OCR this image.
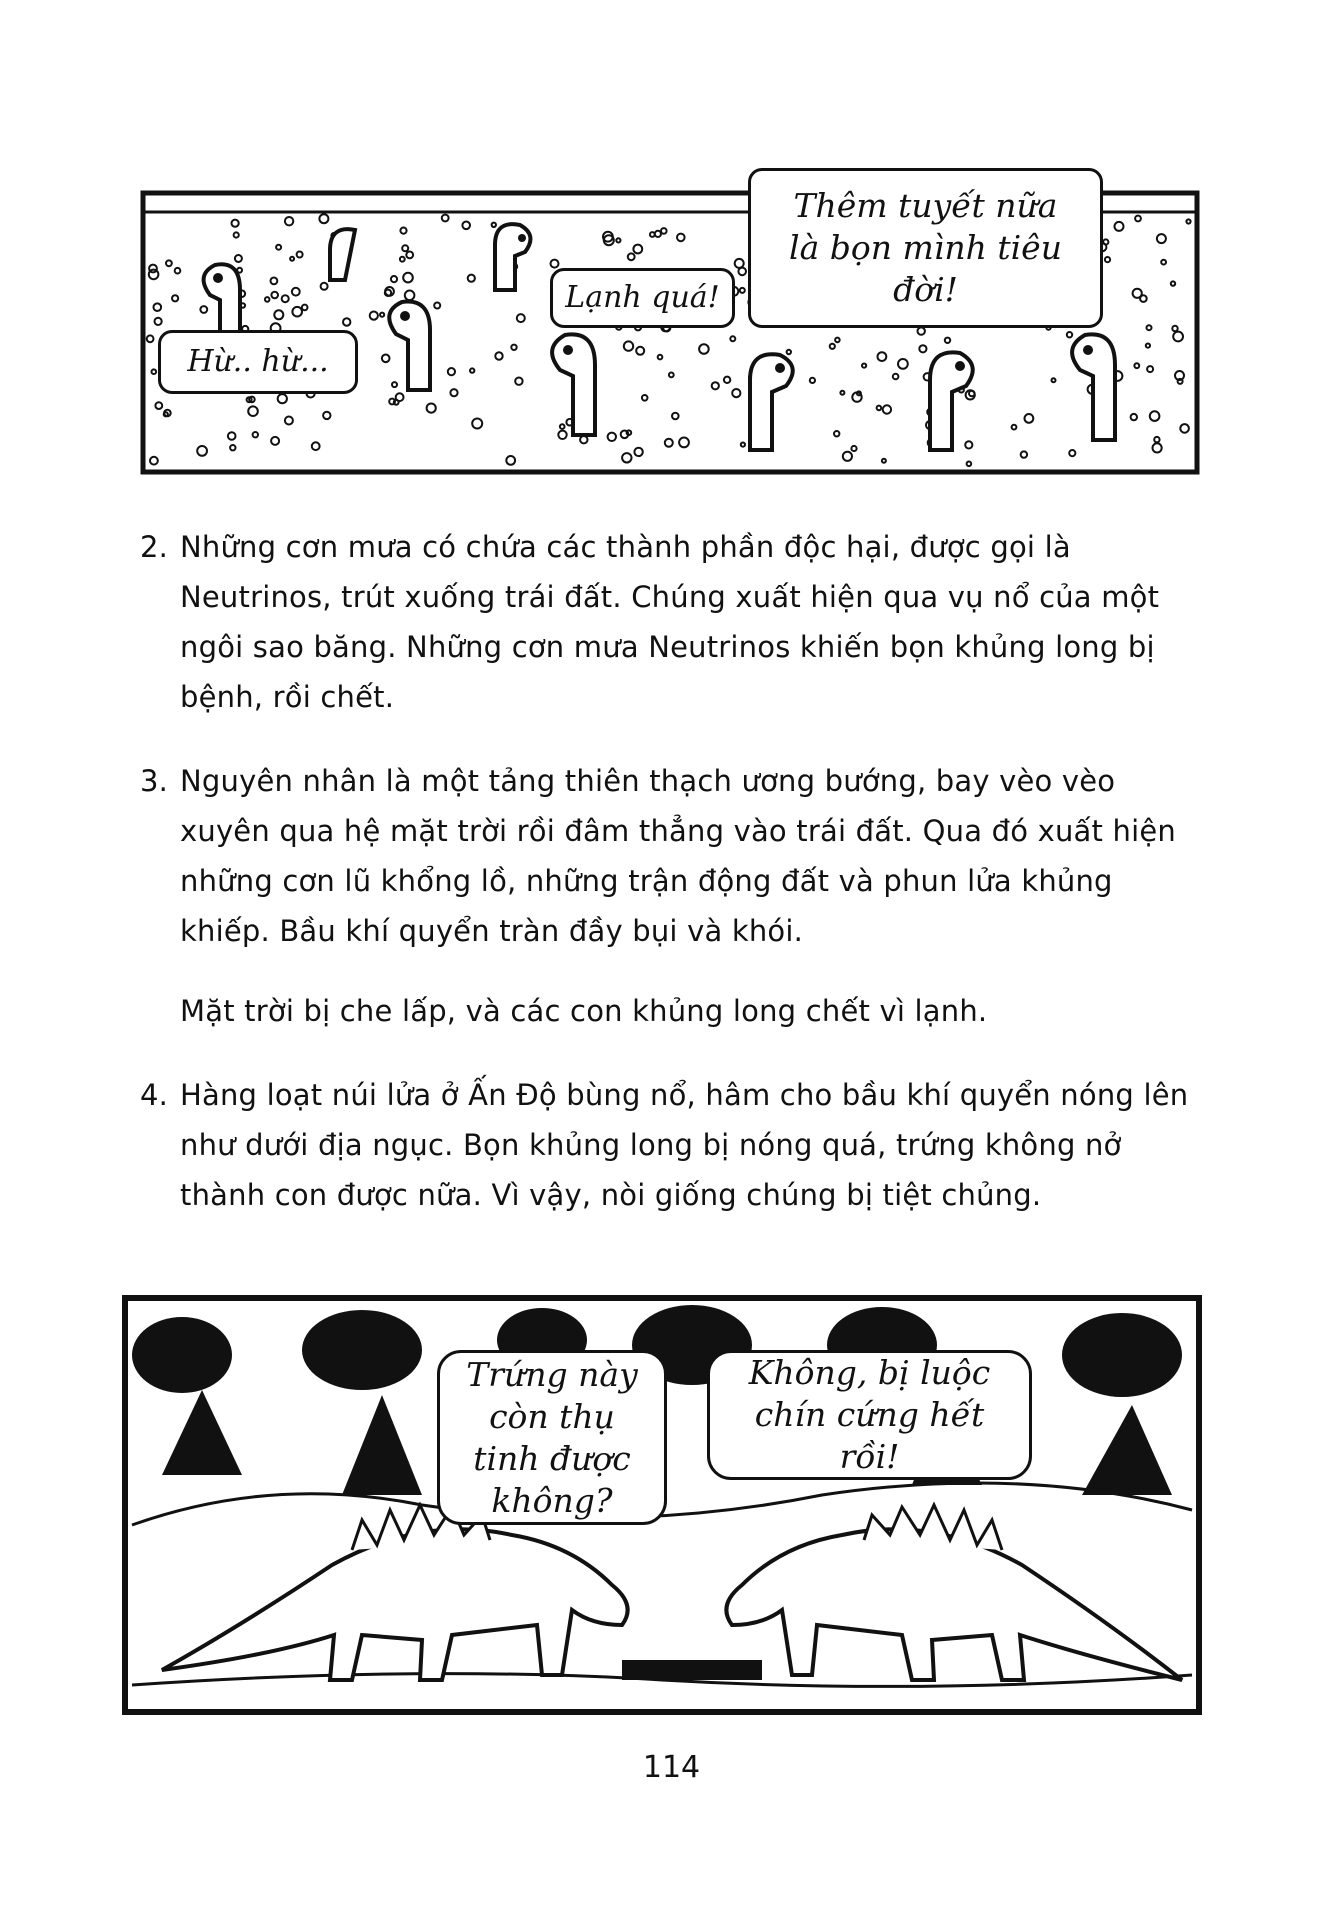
Hừ.. hừ...
Lạnh quá!
Thêm tuyết nữa là bọn mình tiêu đời!
2. Những cơn mưa có chứa các thành phần độc hại, được gọi là Neutrinos, trút xuống trái đất. Chúng xuất hiện qua vụ nổ của một ngôi sao băng. Những cơn mưa Neutrinos khiến bọn khủng long bị bệnh, rồi chết.

3. Nguyên nhân là một tảng thiên thạch ương bướng, bay vèo vèo xuyên qua hệ mặt trời rồi đâm thẳng vào trái đất. Qua đó xuất hiện những cơn lũ khổng lồ, những trận động đất và phun lửa khủng khiếp. Bầu khí quyển tràn đầy bụi và khói.

Mặt trời bị che lấp, và các con khủng long chết vì lạnh.

4. Hàng loạt núi lửa ở Ấn Độ bùng nổ, hâm cho bầu khí quyển nóng lên như dưới địa ngục. Bọn khủng long bị nóng quá, trứng không nở thành con được nữa. Vì vậy, nòi giống chúng bị tiệt chủng.

Trứng này còn thụ tinh được không?
Không, bị luộc chín cứng hết rồi!
114
